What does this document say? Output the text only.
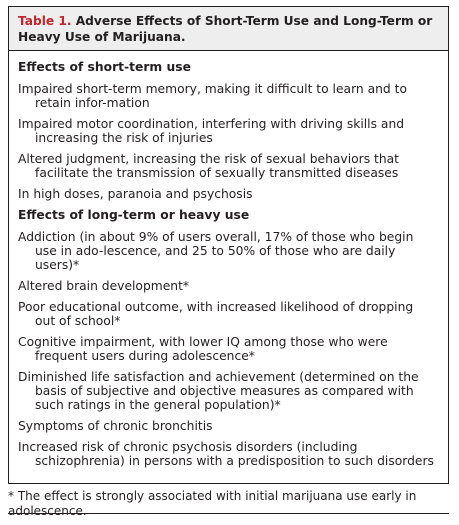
Table 1. Adverse Effects of Short-Term Use and Long-Term or Heavy Use of Marijuana.
Effects of short-term use
Impaired short-term memory, making it difficult to learn and to retain infor-mation
Impaired motor coordination, interfering with driving skills and increasing the risk of injuries
Altered judgment, increasing the risk of sexual behaviors that facilitate the transmission of sexually transmitted diseases
In high doses, paranoia and psychosis
Effects of long-term or heavy use
Addiction (in about 9% of users overall, 17% of those who begin use in ado-lescence, and 25 to 50% of those who are daily users)*
Altered brain development*
Poor educational outcome, with increased likelihood of dropping out of school*
Cognitive impairment, with lower IQ among those who were frequent users during adolescence*
Diminished life satisfaction and achievement (determined on the basis of subjective and objective measures as compared with such ratings in the general population)*
Symptoms of chronic bronchitis
Increased risk of chronic psychosis disorders (including schizophrenia) in persons with a predisposition to such disorders
* The effect is strongly associated with initial marijuana use early in adolescence.
